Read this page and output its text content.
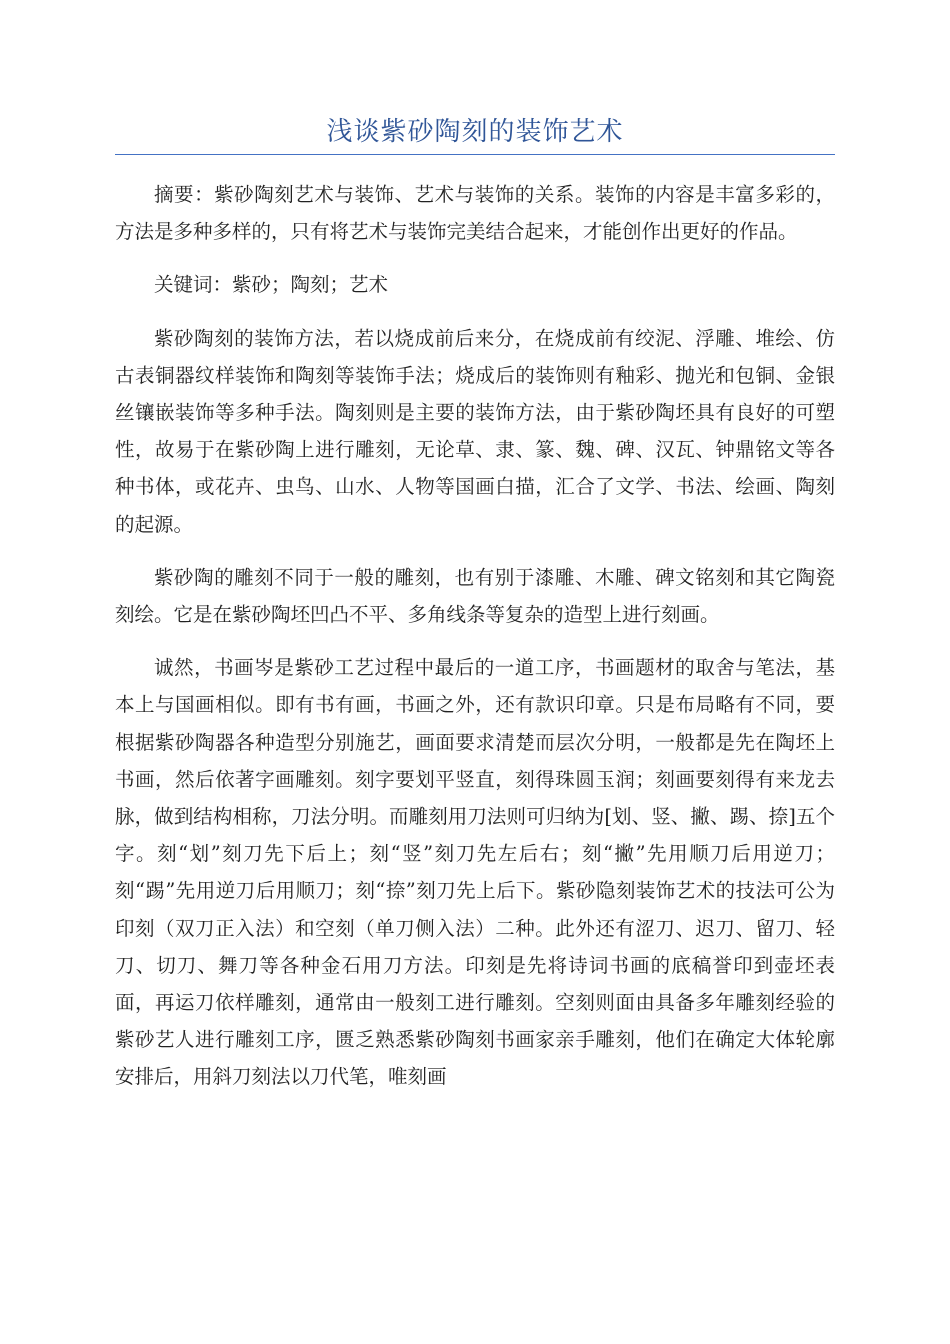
浅谈紫砂陶刻的装饰艺术

摘要：紫砂陶刻艺术与装饰、艺术与装饰的关系。装饰的内容是丰富多彩的，方法是多种多样的，只有将艺术与装饰完美结合起来，才能创作出更好的作品。

关键词：紫砂；陶刻；艺术

紫砂陶刻的装饰方法，若以烧成前后来分，在烧成前有绞泥、浮雕、堆绘、仿古表铜器纹样装饰和陶刻等装饰手法；烧成后的装饰则有釉彩、抛光和包铜、金银丝镶嵌装饰等多种手法。陶刻则是主要的装饰方法，由于紫砂陶坯具有良好的可塑性，故易于在紫砂陶上进行雕刻，无论草、隶、篆、魏、碑、汉瓦、钟鼎铭文等各种书体，或花卉、虫鸟、山水、人物等国画白描，汇合了文学、书法、绘画、陶刻的起源。

紫砂陶的雕刻不同于一般的雕刻，也有别于漆雕、木雕、碑文铭刻和其它陶瓷刻绘。它是在紫砂陶坯凹凸不平、多角线条等复杂的造型上进行刻画。

诚然，书画岑是紫砂工艺过程中最后的一道工序，书画题材的取舍与笔法，基本上与国画相似。即有书有画，书画之外，还有款识印章。只是布局略有不同，要根据紫砂陶器各种造型分别施艺，画面要求清楚而层次分明，一般都是先在陶坯上书画，然后依著字画雕刻。刻字要划平竖直，刻得珠圆玉润；刻画要刻得有来龙去脉，做到结构相称，刀法分明。而雕刻用刀法则可归纳为[划、竖、撇、踢、捺]五个字。刻“划”刻刀先下后上；刻“竖”刻刀先左后右；刻“撇”先用顺刀后用逆刀；刻“踢”先用逆刀后用顺刀；刻“捺”刻刀先上后下。紫砂隐刻装饰艺术的技法可公为印刻（双刀正入法）和空刻（单刀侧入法）二种。此外还有涩刀、迟刀、留刀、轻刀、切刀、舞刀等各种金石用刀方法。印刻是先将诗词书画的底稿誉印到壶坯表面，再运刀依样雕刻，通常由一般刻工进行雕刻。空刻则面由具备多年雕刻经验的紫砂艺人进行雕刻工序，匮乏熟悉紫砂陶刻书画家亲手雕刻，他们在确定大体轮廓安排后，用斜刀刻法以刀代笔，唯刻画
